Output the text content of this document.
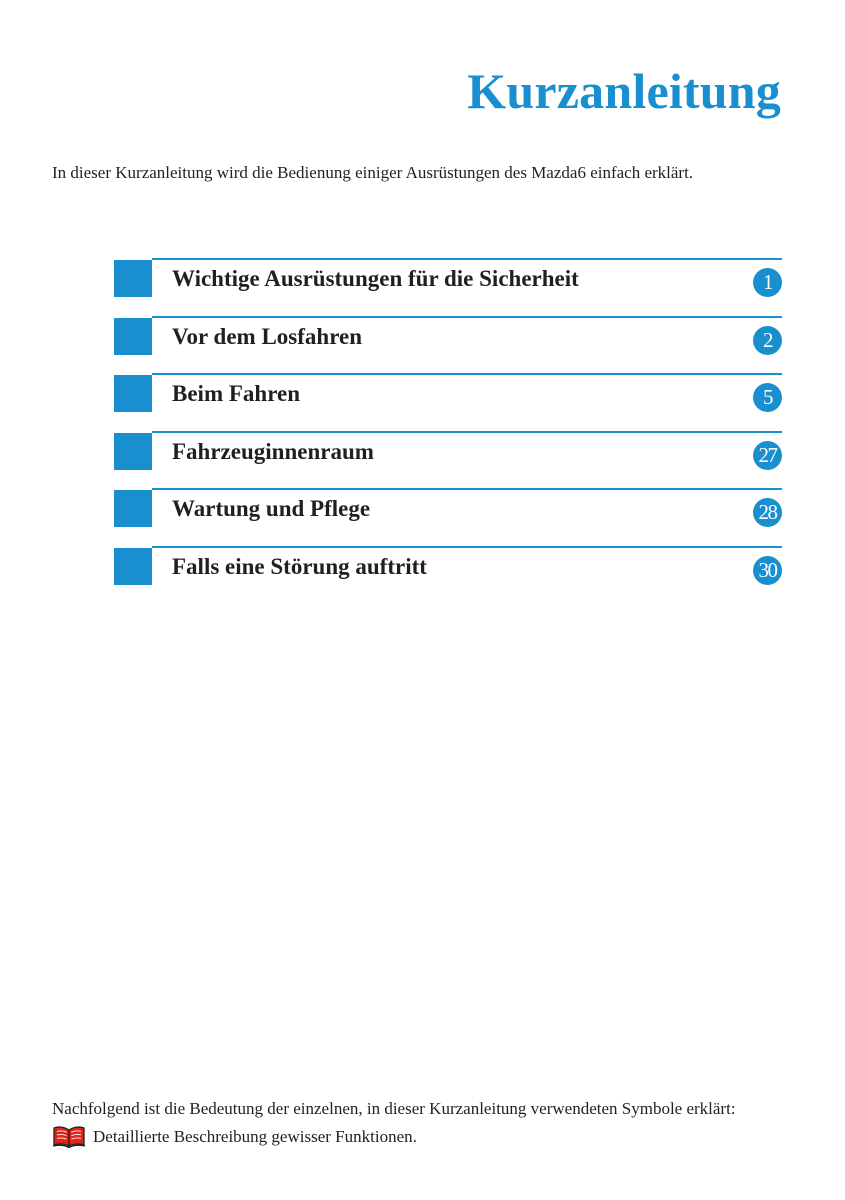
Kurzanleitung

In dieser Kurzanleitung wird die Bedienung einiger Ausrüstungen des Mazda6 einfach erklärt.

Wichtige Ausrüstungen für die Sicherheit	1
Vor dem Losfahren	2
Beim Fahren	5
Fahrzeuginnenraum	27
Wartung und Pflege	28
Falls eine Störung auftritt	30

Nachfolgend ist die Bedeutung der einzelnen, in dieser Kurzanleitung verwendeten Symbole erklärt:

Detaillierte Beschreibung gewisser Funktionen.
